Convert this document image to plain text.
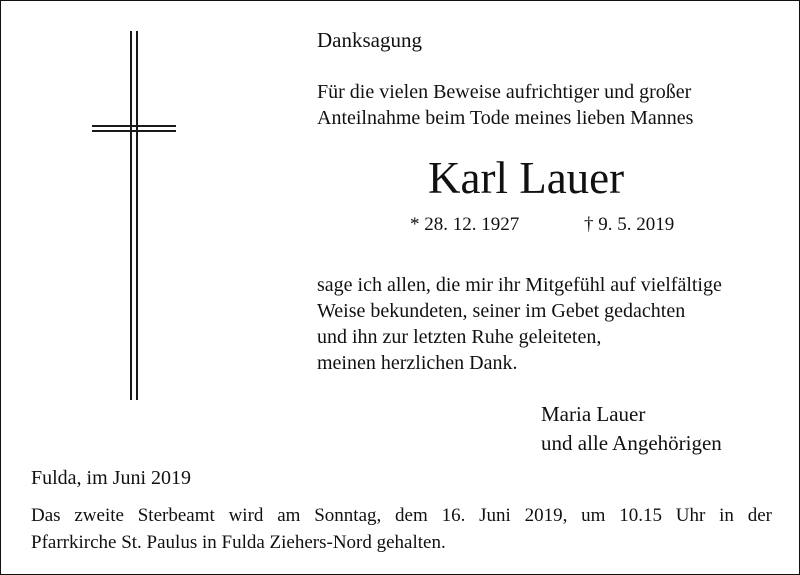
Danksagung
Für die vielen Beweise aufrichtiger und großer
Anteilnahme beim Tode meines lieben Mannes
Karl Lauer
* 28. 12. 1927	† 9. 5. 2019
sage ich allen, die mir ihr Mitgefühl auf vielfältige
Weise bekundeten, seiner im Gebet gedachten
und ihn zur letzten Ruhe geleiteten,
meinen herzlichen Dank.
Maria Lauer
und alle Angehörigen
Fulda, im Juni 2019
Das zweite Sterbeamt wird am Sonntag, dem 16. Juni 2019, um 10.15 Uhr in der
Pfarrkirche St. Paulus in Fulda Ziehers-Nord gehalten.
